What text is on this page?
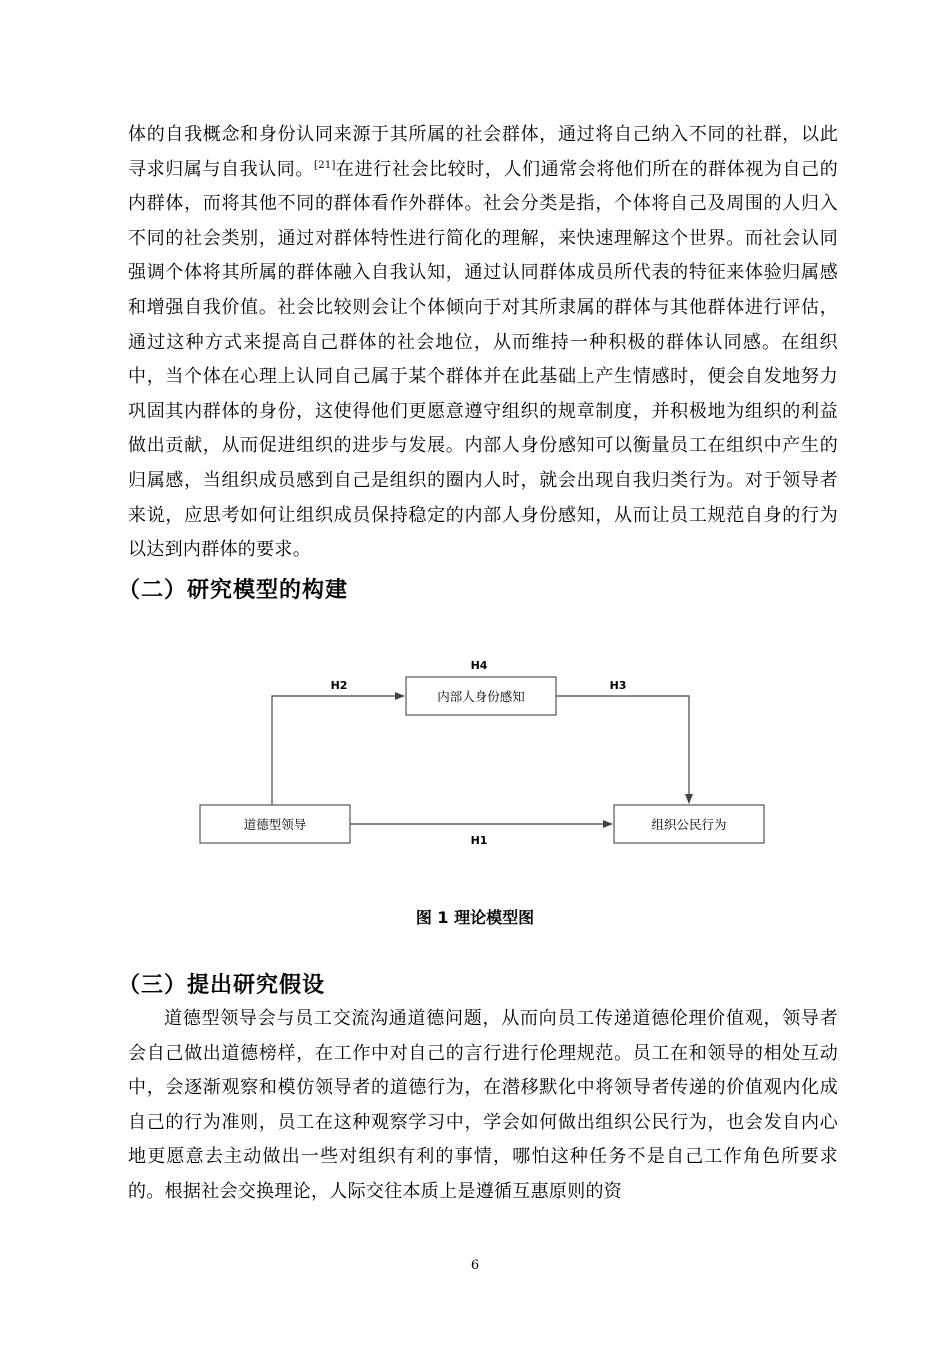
体的自我概念和身份认同来源于其所属的社会群体，通过将自己纳入不同的社群，以此寻求归属与自我认同。[21]在进行社会比较时，人们通常会将他们所在的群体视为自己的内群体，而将其他不同的群体看作外群体。社会分类是指，个体将自己及周围的人归入不同的社会类别，通过对群体特性进行简化的理解，来快速理解这个世界。而社会认同强调个体将其所属的群体融入自我认知，通过认同群体成员所代表的特征来体验归属感和增强自我价值。社会比较则会让个体倾向于对其所隶属的群体与其他群体进行评估，通过这种方式来提高自己群体的社会地位，从而维持一种积极的群体认同感。在组织中，当个体在心理上认同自己属于某个群体并在此基础上产生情感时，便会自发地努力巩固其内群体的身份，这使得他们更愿意遵守组织的规章制度，并积极地为组织的利益做出贡献，从而促进组织的进步与发展。内部人身份感知可以衡量员工在组织中产生的归属感，当组织成员感到自己是组织的圈内人时，就会出现自我归类行为。对于领导者来说，应思考如何让组织成员保持稳定的内部人身份感知，从而让员工规范自身的行为以达到内群体的要求。

（二）研究模型的构建
道德型领导
内部人身份感知
组织公民行为
H4
H2	H3
H1

图 1 理论模型图

（三）提出研究假设

道德型领导会与员工交流沟通道德问题，从而向员工传递道德伦理价值观，领导者会自己做出道德榜样，在工作中对自己的言行进行伦理规范。员工在和领导的相处互动中，会逐渐观察和模仿领导者的道德行为，在潜移默化中将领导者传递的价值观内化成自己的行为准则，员工在这种观察学习中，学会如何做出组织公民行为，也会发自内心地更愿意去主动做出一些对组织有利的事情，哪怕这种任务不是自己工作角色所要求的。根据社会交换理论，人际交往本质上是遵循互惠原则的资

6
